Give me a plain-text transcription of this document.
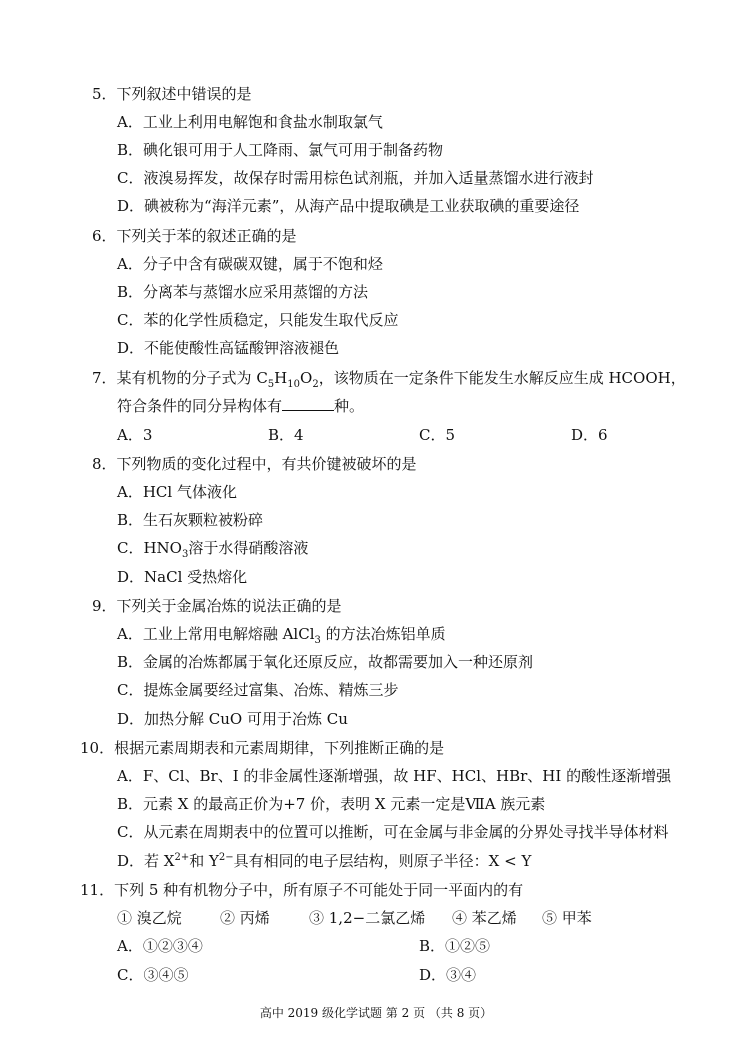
5．下列叙述中错误的是
A．工业上利用电解饱和食盐水制取氯气
B．碘化银可用于人工降雨、氯气可用于制备药物
C．液溴易挥发，故保存时需用棕色试剂瓶，并加入适量蒸馏水进行液封
D．碘被称为“海洋元素”，从海产品中提取碘是工业获取碘的重要途径
6．下列关于苯的叙述正确的是
A．分子中含有碳碳双键，属于不饱和烃
B．分离苯与蒸馏水应采用蒸馏的方法
C．苯的化学性质稳定，只能发生取代反应
D．不能使酸性高锰酸钾溶液褪色
7．某有机物的分子式为 $C_5H_{10}O_2$，该物质在一定条件下能发生水解反应生成 HCOOH，
符合条件的同分异构体有	种。
A．3	B．4	C．5	D．6
8．下列物质的变化过程中，有共价键被破坏的是
A．HCl 气体液化
B．生石灰颗粒被粉碎
C．$HNO_3$溶于水得硝酸溶液
D．NaCl 受热熔化
9．下列关于金属冶炼的说法正确的是
A．工业上常用电解熔融 AlCl$_3$ 的方法冶炼铝单质
B．金属的冶炼都属于氧化还原反应，故都需要加入一种还原剂
C．提炼金属要经过富集、冶炼、精炼三步
D．加热分解 CuO 可用于冶炼 Cu
10．根据元素周期表和元素周期律，下列推断正确的是
A．F、Cl、Br、I 的非金属性逐渐增强，故 HF、HCl、HBr、HI 的酸性逐渐增强
B．元素 X 的最高正价为+7 价，表明 X 元素一定是ⅦA 族元素
C．从元素在周期表中的位置可以推断，可在金属与非金属的分界处寻找半导体材料
D．若 $X^{2+}$和 $Y^{2-}$具有相同的电子层结构，则原子半径：X < Y
11．下列 5 种有机物分子中，所有原子不可能处于同一平面内的有
① 溴乙烷	② 丙烯	③ 1,2−二氯乙烯 ④ 苯乙烯 ⑤ 甲苯
A．①②③④	B．①②⑤
C．③④⑤	D．③④
高中 2019 级化学试题 第 2 页 （共 8 页）
